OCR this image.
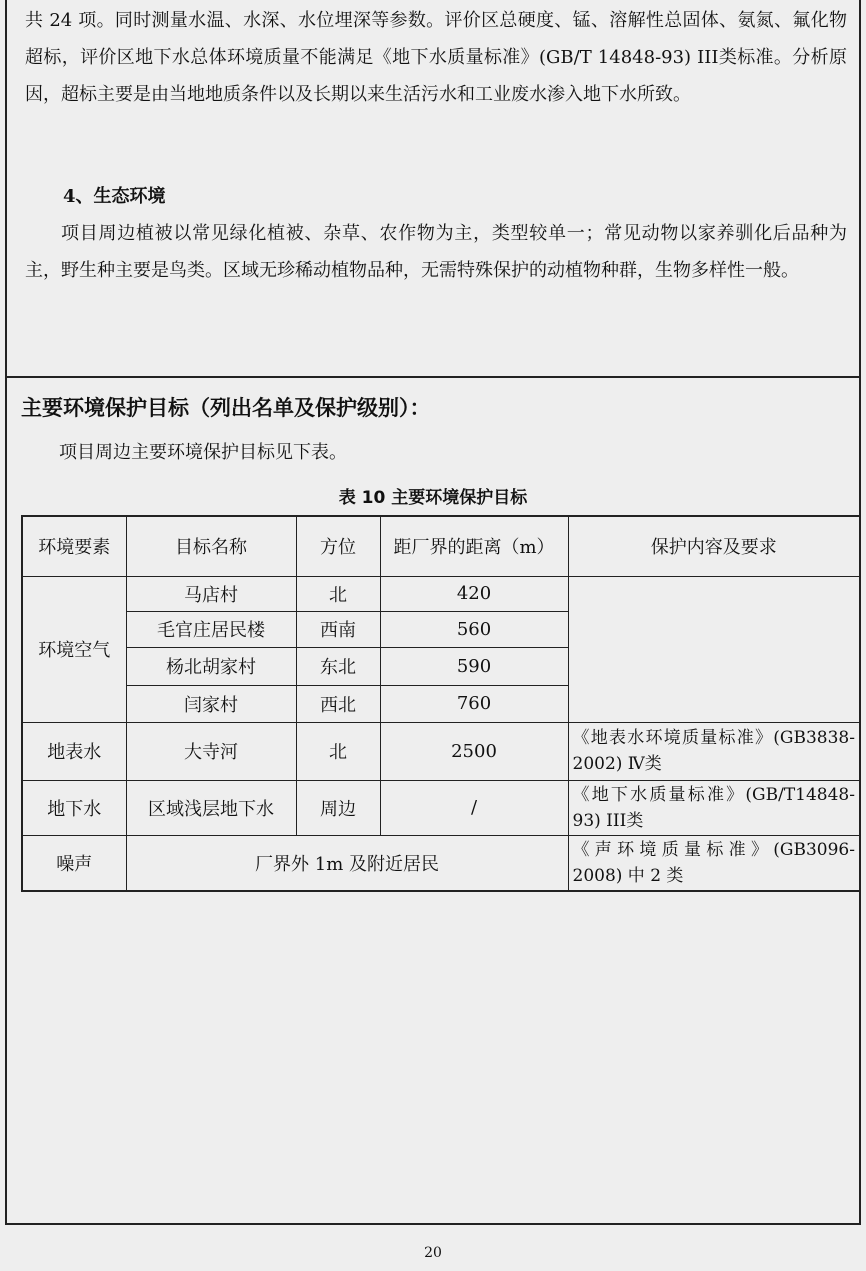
共 24 项。同时测量水温、水深、水位埋深等参数。评价区总硬度、锰、溶解性总固体、氨氮、氟化物超标，评价区地下水总体环境质量不能满足《地下水质量标准》(GB/T 14848-93) III类标准。分析原因，超标主要是由当地地质条件以及长期以来生活污水和工业废水渗入地下水所致。

4、生态环境

项目周边植被以常见绿化植被、杂草、农作物为主，类型较单一；常见动物以家养驯化后品种为主，野生种主要是鸟类。区域无珍稀动植物品种，无需特殊保护的动植物种群，生物多样性一般。

主要环境保护目标（列出名单及保护级别）：

项目周边主要环境保护目标见下表。

表 10 主要环境保护目标

环境要素	目标名称	方位	距厂界的距离（m）	保护内容及要求
环境空气	马店村	北	420	
	毛官庄居民楼	西南	560	
	杨北胡家村	东北	590	
	闫家村	西北	760	
地表水	大寺河	北	2500	《地表水环境质量标准》(GB3838-2002) Ⅳ类
地下水	区域浅层地下水	周边	/	《地下水质量标准》(GB/T14848-93) III类
噪声	厂界外 1m 及附近居民			《声环境质量标准》(GB3096-2008) 中 2 类
20
